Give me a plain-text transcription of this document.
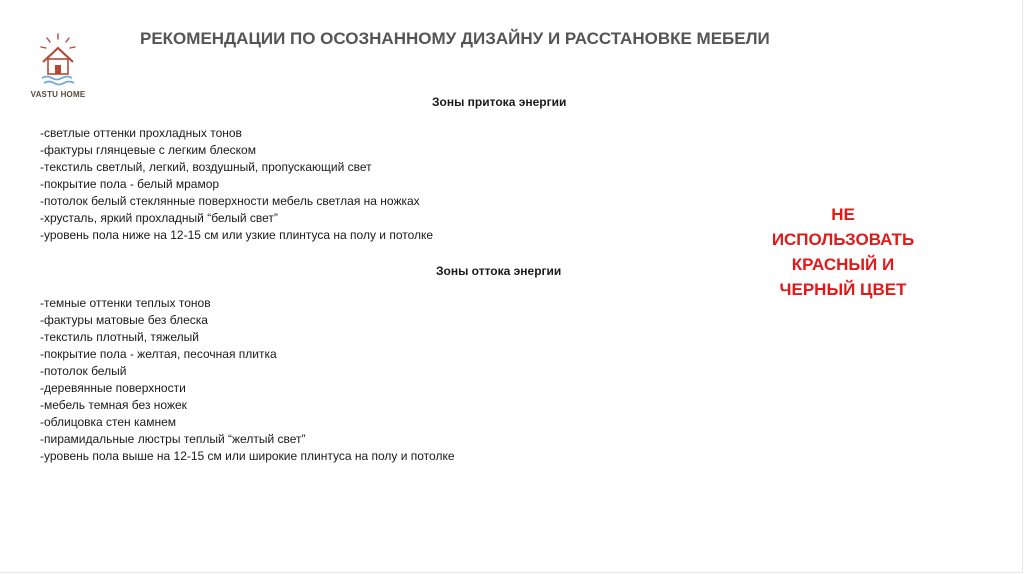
VASTU HOME
РЕКОМЕНДАЦИИ ПО ОСОЗНАННОМУ ДИЗАЙНУ И РАССТАНОВКЕ МЕБЕЛИ
Зоны притока энергии
-светлые оттенки прохладных тонов
-фактуры глянцевые с легким блеском
-текстиль светлый, легкий, воздушный, пропускающий свет
-покрытие пола - белый мрамор
-потолок белый стеклянные поверхности мебель светлая на ножках
-хрусталь, яркий прохладный “белый свет”
-уровень пола ниже на 12-15 см или узкие плинтуса на полу и потолке
Зоны оттока энергии
-темные оттенки теплых тонов
-фактуры матовые без блеска
-текстиль плотный, тяжелый
-покрытие пола - желтая, песочная плитка
-потолок белый
-деревянные поверхности
-мебель темная без ножек
-облицовка стен камнем
-пирамидальные люстры теплый “желтый свет”
-уровень пола выше на 12-15 см или широкие плинтуса на полу и потолке
НЕ
ИСПОЛЬЗОВАТЬ
КРАСНЫЙ И
ЧЕРНЫЙ ЦВЕТ
